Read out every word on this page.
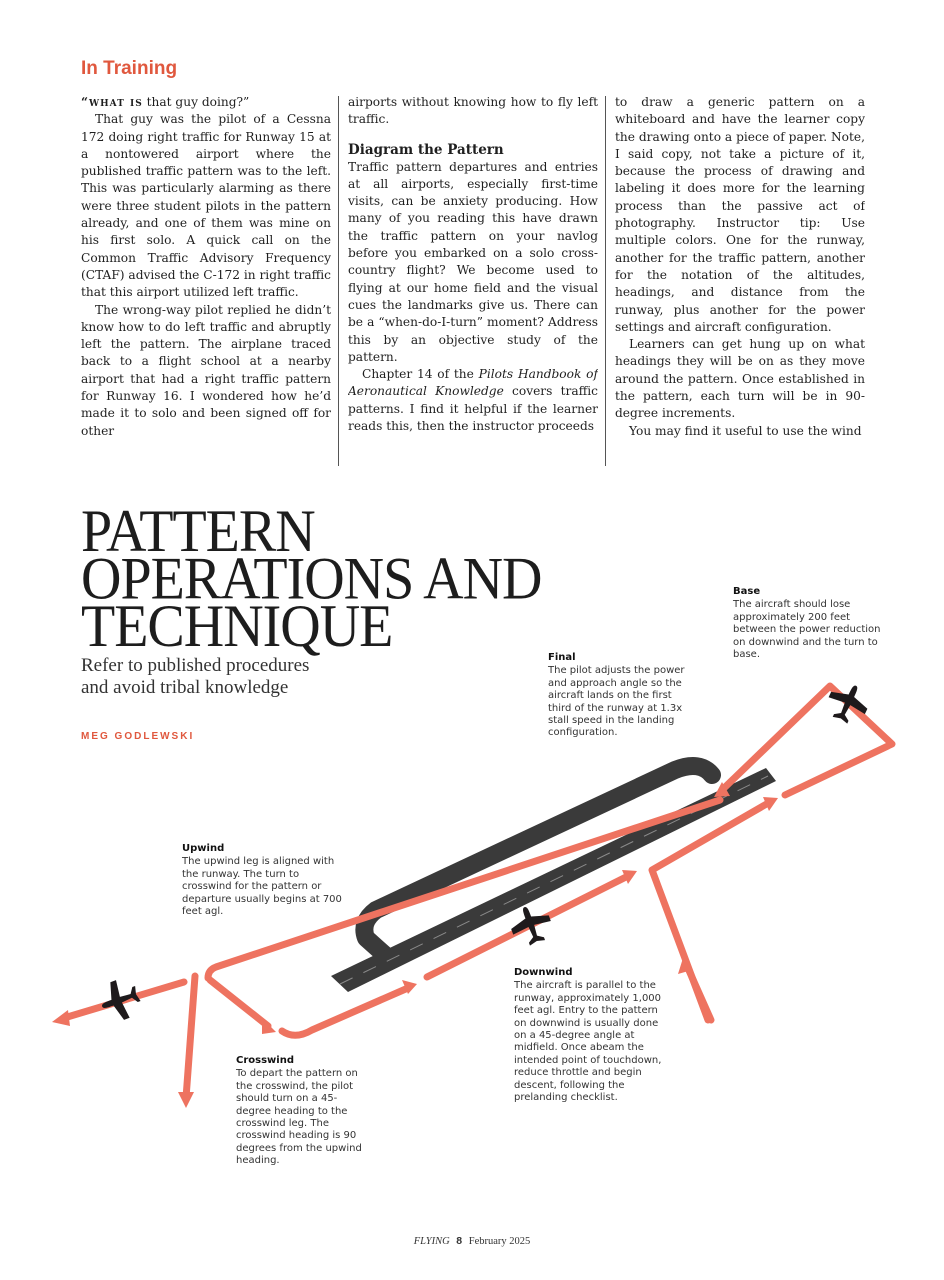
In Training

“what is that guy doing?”

That guy was the pilot of a Cessna 172 doing right traffic for Runway 15 at a nontowered airport where the published traffic pattern was to the left. This was particularly alarming as there were three student pilots in the pattern already, and one of them was mine on his first solo. A quick call on the Common Traffic Advisory Frequency (CTAF) advised the C-172 in right traffic that this airport utilized left traffic.

The wrong-way pilot replied he didn’t know how to do left traffic and abruptly left the pattern. The airplane traced back to a flight school at a nearby airport that had a right traffic pattern for Runway 16. I wondered how he’d made it to solo and been signed off for other

airports without knowing how to fly left traffic.

Diagram the Pattern

Traffic pattern departures and entries at all airports, especially first-time visits, can be anxiety producing. How many of you reading this have drawn the traffic pattern on your navlog before you embarked on a solo cross-country flight? We become used to flying at our home field and the visual cues the landmarks give us. There can be a “when-do-I-turn” moment? Address this by an objective study of the pattern.

Chapter 14 of the Pilots Handbook of Aeronautical Knowledge covers traffic patterns. I find it helpful if the learner reads this, then the instructor proceeds

to draw a generic pattern on a whiteboard and have the learner copy the drawing onto a piece of paper. Note, I said copy, not take a picture of it, because the process of drawing and labeling it does more for the learning process than the passive act of photography. Instructor tip: Use multiple colors. One for the runway, another for the traffic pattern, another for the notation of the altitudes, headings, and distance from the runway, plus another for the power settings and aircraft configuration.

Learners can get hung up on what headings they will be on as they move around the pattern. Once established in the pattern, each turn will be in 90-degree increments.

You may find it useful to use the wind

PATTERN
OPERATIONS AND
TECHNIQUE
Refer to published procedures
and avoid tribal knowledge
MEG GODLEWSKI
Base
The aircraft should lose approximately 200 feet between the power reduction on downwind and the turn to base.
Final
The pilot adjusts the power and approach angle so the aircraft lands on the first third of the runway at 1.3x stall speed in the landing configuration.
Upwind
The upwind leg is aligned with the runway. The turn to crosswind for the pattern or departure usually begins at 700 feet agl.
Downwind
The aircraft is parallel to the runway, approximately 1,000 feet agl. Entry to the pattern on downwind is usually done on a 45-degree angle at midfield. Once abeam the intended point of touchdown, reduce throttle and begin descent, following the prelanding checklist.
Crosswind
To depart the pattern on the crosswind, the pilot should turn on a 45-degree heading to the crosswind leg. The crosswind heading is 90 degrees from the upwind heading.
FLYING 8 February 2025
